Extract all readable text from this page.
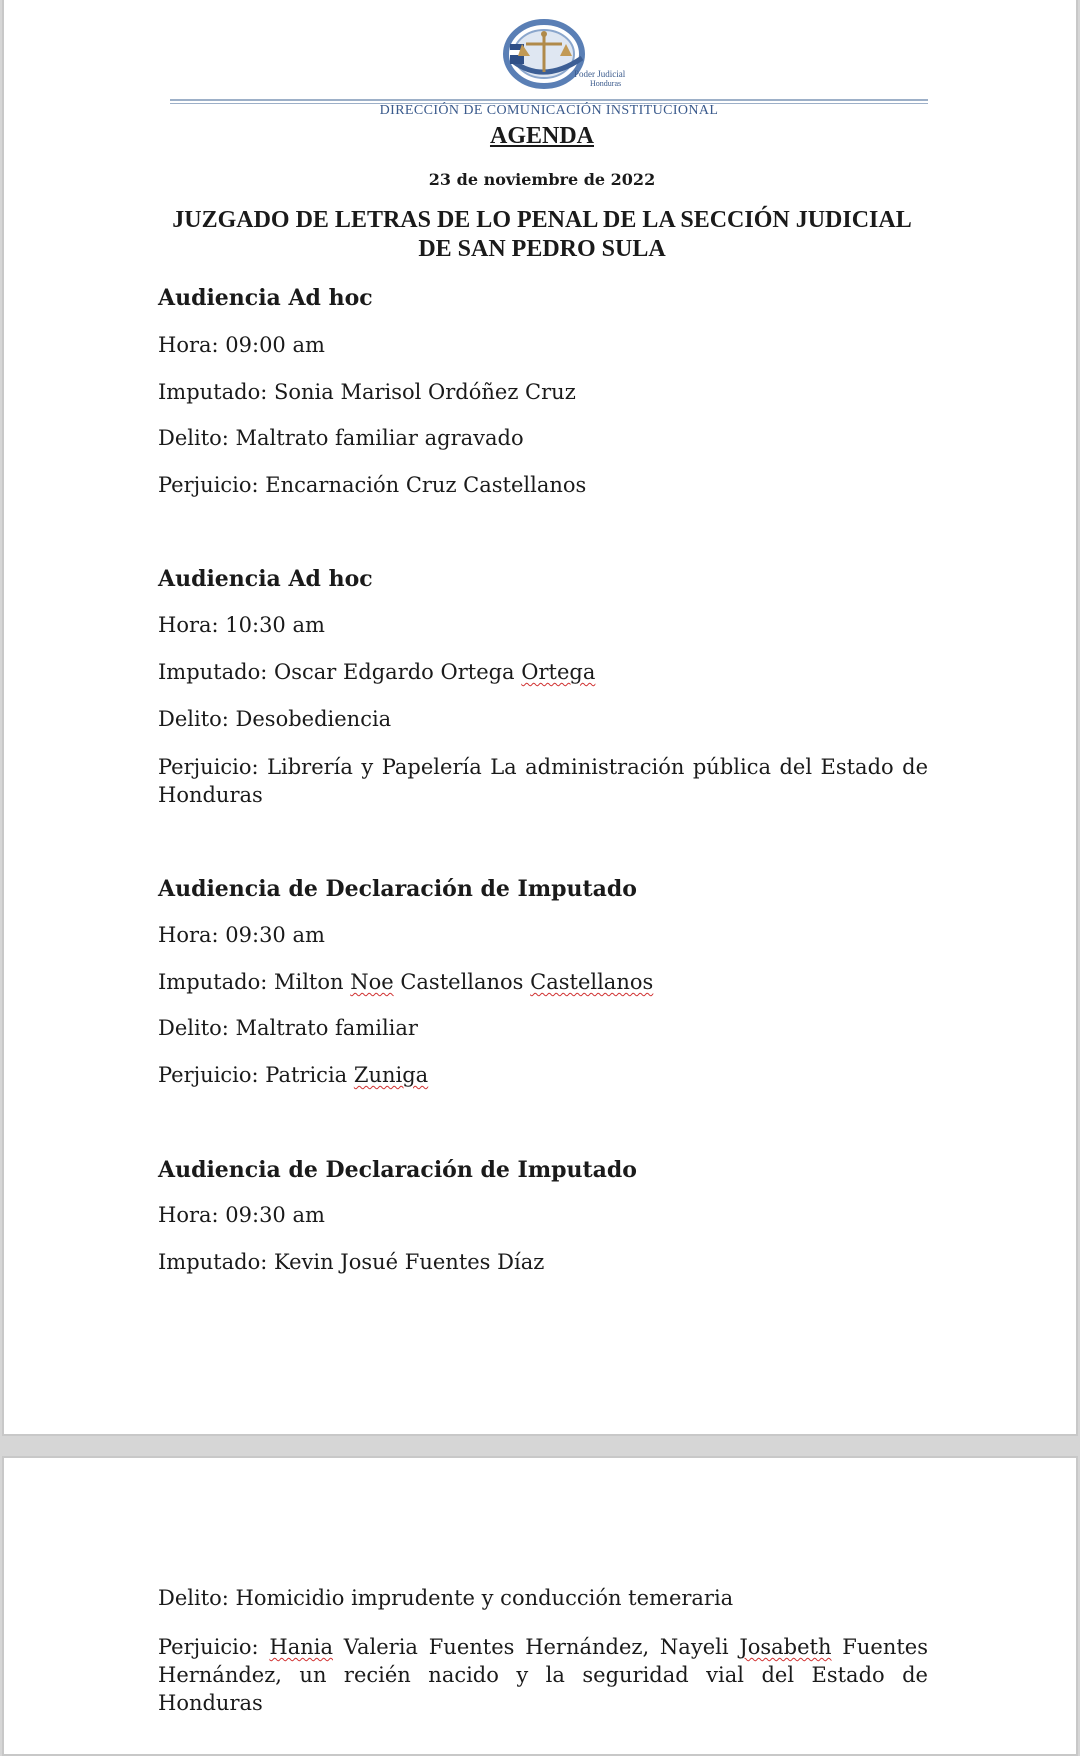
Poder Judicial
Honduras
DIRECCIÓN DE COMUNICACIÓN INSTITUCIONAL
AGENDA
23 de noviembre de 2022
JUZGADO DE LETRAS DE LO PENAL DE LA SECCIÓN JUDICIAL DE SAN PEDRO SULA
Audiencia Ad hoc
Hora: 09:00 am
Imputado: Sonia Marisol Ordóñez Cruz
Delito: Maltrato familiar agravado
Perjuicio: Encarnación Cruz Castellanos
Audiencia Ad hoc
Hora: 10:30 am
Imputado: Oscar Edgardo Ortega Ortega
Delito: Desobediencia
Perjuicio: Librería y Papelería La administración pública del Estado de Honduras
Audiencia de Declaración de Imputado
Hora: 09:30 am
Imputado: Milton Noe Castellanos Castellanos
Delito: Maltrato familiar
Perjuicio: Patricia Zuniga
Audiencia de Declaración de Imputado
Hora: 09:30 am
Imputado: Kevin Josué Fuentes Díaz
Delito: Homicidio imprudente y conducción temeraria
Perjuicio: Hania Valeria Fuentes Hernández, Nayeli Josabeth Fuentes Hernández, un recién nacido y la seguridad vial del Estado de Honduras
